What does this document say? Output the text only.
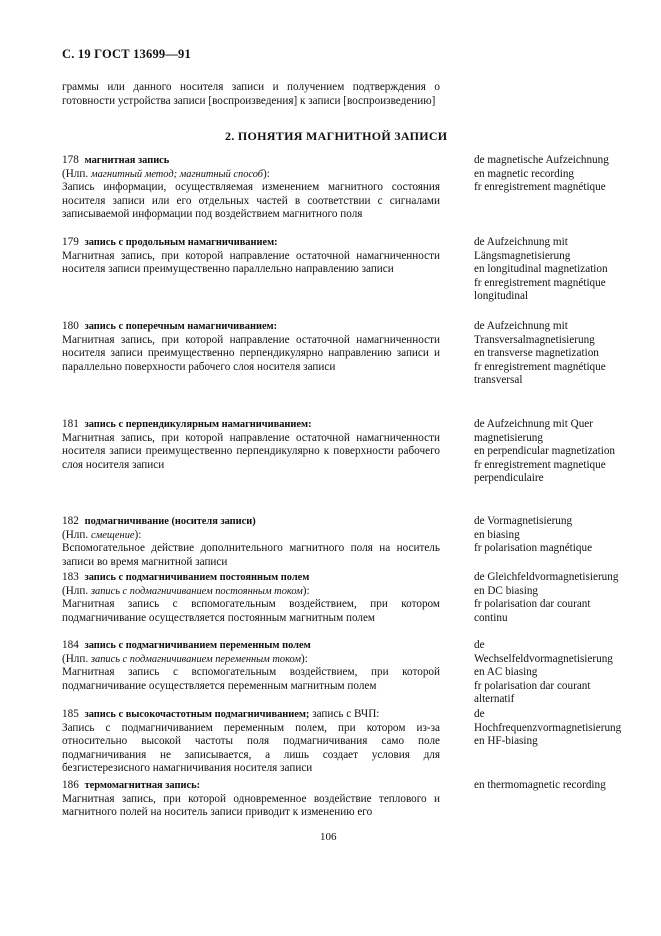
С. 19 ГОСТ 13699—91
граммы или данного носителя записи и получением подтверждения о готовности устройства записи [воспроизведения] к записи [воспроизведению]
2. ПОНЯТИЯ МАГНИТНОЙ ЗАПИСИ
178 магнитная запись
(Нлп. магнитный метод; магнитный способ):
Запись информации, осуществляемая изменением магнитного состояния носителя записи или его отдельных частей в соответствии с сигналами записываемой информации под воздействием магнитного поля
de magnetische Aufzeichnung
en magnetic recording
fr enregistrement magnétique
179 запись с продольным намагничиванием:
Магнитная запись, при которой направление остаточной намагниченности носителя записи преимущественно параллельно направлению записи
de Aufzeichnung mit Längsmagnetisierung
en longitudinal magnetization
fr enregistrement magnétique longitudinal
180 запись с поперечным намагничиванием:
Магнитная запись, при которой направление остаточной намагниченности носителя записи преимущественно перпендикулярно направлению записи и параллельно поверхности рабочего слоя носителя записи
de Aufzeichnung mit Transversalmagnetisierung
en transverse magnetization
fr enregistrement magnétique transversal
181 запись с перпендикулярным намагничиванием:
Магнитная запись, при которой направление остаточной намагниченности носителя записи преимущественно перпендикулярно к поверхности рабочего слоя носителя записи
de Aufzeichnung mit Quer magnetisierung
en perpendicular magnetization
fr enregistrement magnetique perpendiculaire
182 подмагничивание (носителя записи)
(Нлп. смещение):
Вспомогательное действие дополнительного магнитного поля на носитель записи во время магнитной записи
de Vormagnetisierung
en biasing
fr polarisation magnétique
183 запись с подмагничиванием постоянным полем
(Нлп. запись с подмагничиванием постоянным током):
Магнитная запись с вспомогательным воздействием, при котором подмагничивание осуществляется постоянным магнитным полем
de Gleichfeldvormagnetisierung
en DC biasing
fr polarisation dar courant continu
184 запись с подмагничиванием переменным полем
(Нлп. запись с подмагничиванием переменным током):
Магнитная запись с вспомогательным воздействием, при которой подмагничивание осуществляется переменным магнитным полем
de Wechselfeldvormagnetisierung
en AC biasing
fr polarisation dar courant alternatif
185 запись с высокочастотным подмагничиванием; запись с ВЧП:
Запись с подмагничиванием переменным полем, при котором из-за относительно высокой частоты поля подмагничивания само поле подмагничивания не записывается, а лишь создает условия для безгистерезисного намагничивания носителя записи
de Hochfrequenzvormagnetisierung
en HF-biasing
186 термомагнитная запись:
Магнитная запись, при которой одновременное воздействие теплового и магнитного полей на носитель записи приводит к изменению его
en thermomagnetic recording
106
